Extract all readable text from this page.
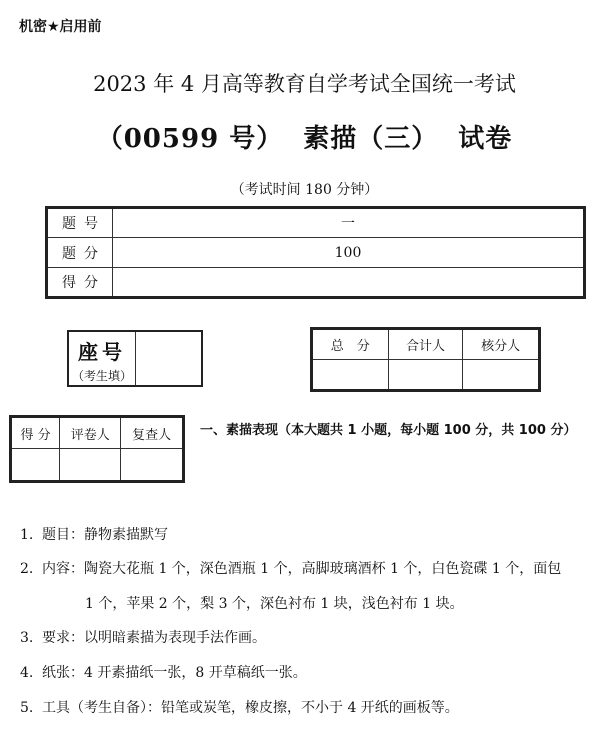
机密★启用前
2023 年 4 月高等教育自学考试全国统一考试
（00599 号） 素描（三） 试卷
（考试时间 180 分钟）
题号	一
题分	100
得分	
座号
（考生填）
总　分	合计人	核分人

得 分	评卷人	复查人
		一、素描表现（本大题共 1 小题，每小题 100 分，共 100 分）
1. 题目：静物素描默写
2. 内容：陶瓷大花瓶 1 个，深色酒瓶 1 个，高脚玻璃酒杯 1 个，白色瓷碟 1 个，面包
1 个，苹果 2 个，梨 3 个，深色衬布 1 块，浅色衬布 1 块。
3. 要求：以明暗素描为表现手法作画。
4. 纸张：4 开素描纸一张，8 开草稿纸一张。
5. 工具（考生自备）：铅笔或炭笔，橡皮擦，不小于 4 开纸的画板等。
